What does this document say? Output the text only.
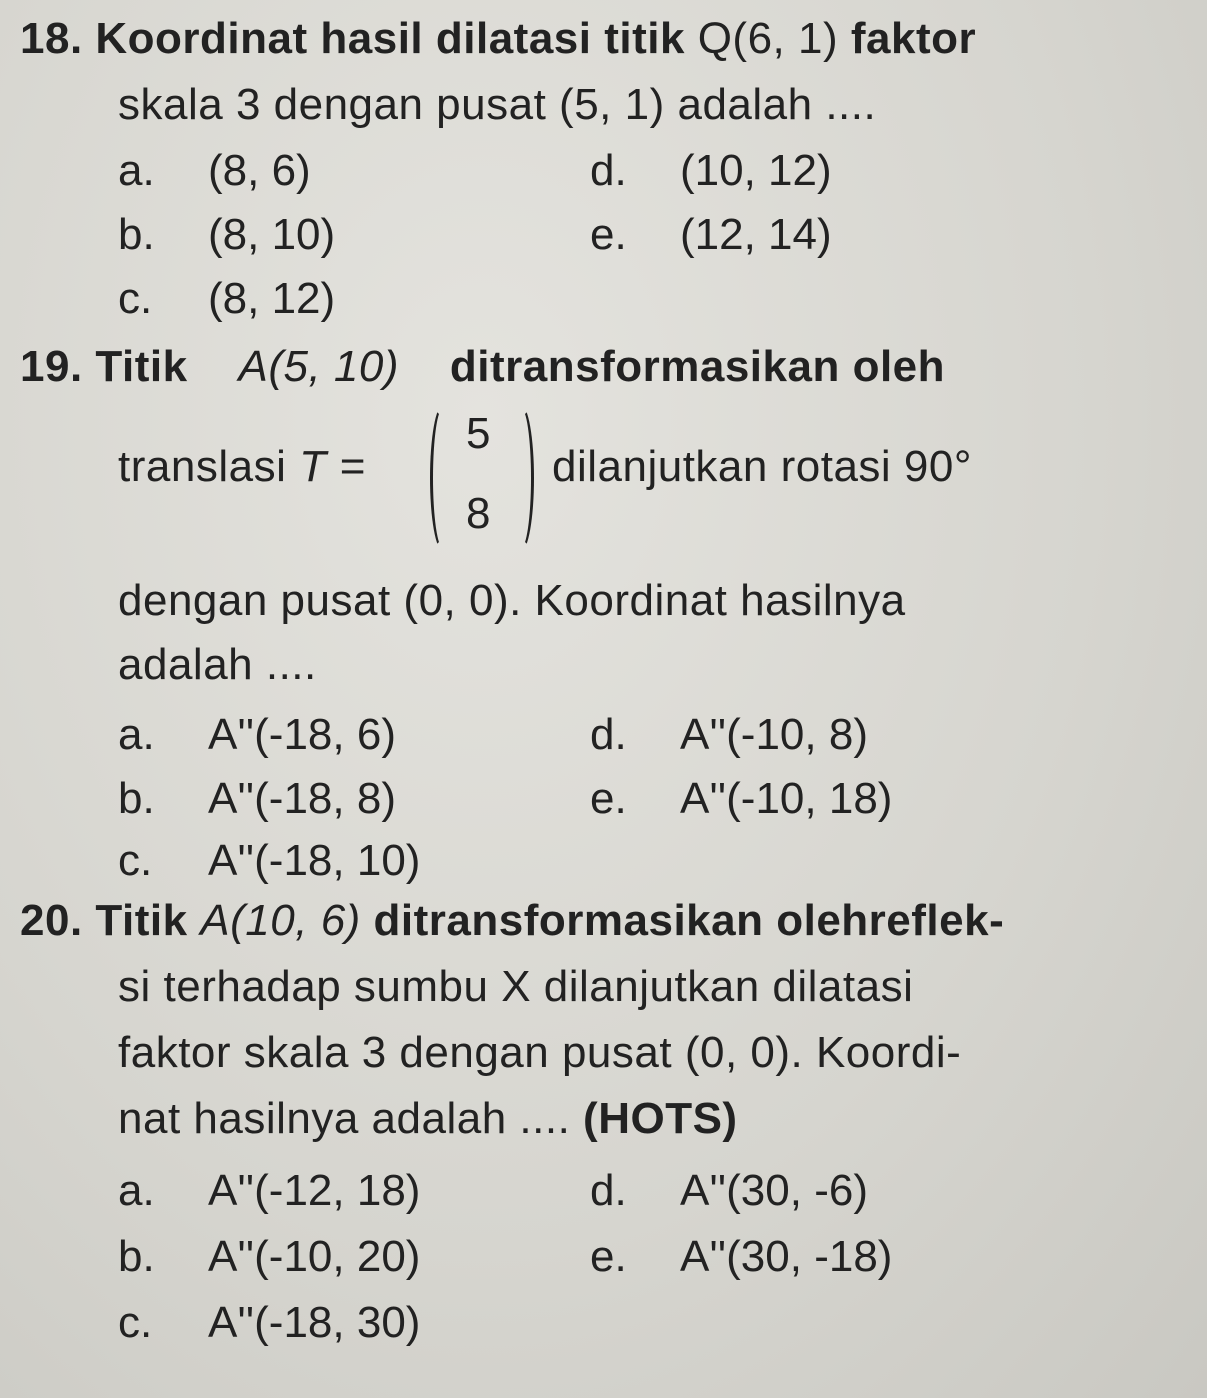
18. Koordinat hasil dilatasi titik Q(6, 1) faktor
skala 3 dengan pusat (5, 1) adalah ....
a. (8, 6)
b. (8, 10)
c. (8, 12)
d. (10, 12)
e. (12, 14)
19. Titik A(5, 10) ditransformasikan oleh
translasi T =
5
8
dilanjutkan rotasi 90°
dengan pusat (0, 0). Koordinat hasilnya
adalah ....
a. A''(-18, 6)
b. A''(-18, 8)
c. A''(-18, 10)
d. A''(-10, 8)
e. A''(-10, 18)
20. Titik A(10, 6) ditransformasikan olehreflek-
si terhadap sumbu X dilanjutkan dilatasi
faktor skala 3 dengan pusat (0, 0). Koordi-
nat hasilnya adalah .... (HOTS)
a. A''(-12, 18)
b. A''(-10, 20)
c. A''(-18, 30)
d. A''(30, -6)
e. A''(30, -18)
